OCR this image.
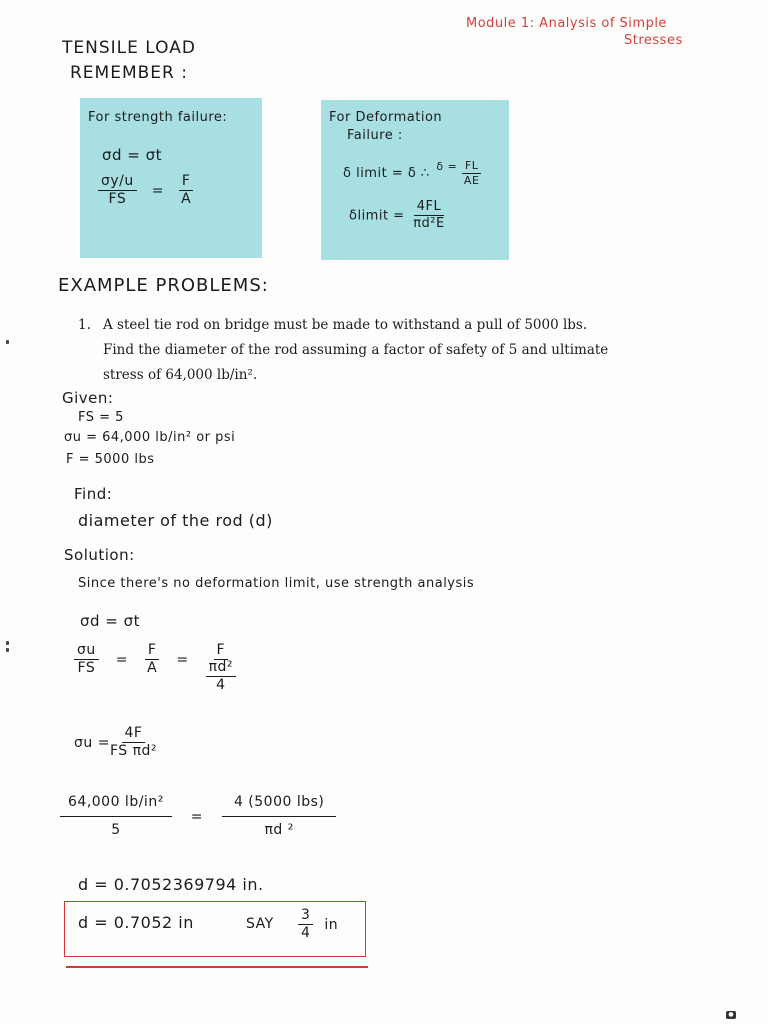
Module 1: Analysis of Simple
Stresses
TENSILE LOAD
REMEMBER :
For strength failure:
σd = σt
$\frac{\sigma y/u}{FS} = \frac{F}{A}$
For Deformation
Failure :
δ limit = δ ∴ $^{\delta =} \frac{FL}{AE}$
δlimit = $\frac{4FL}{\text{πd²E}}$
EXAMPLE PROBLEMS:
1. A steel tie rod on bridge must be made to withstand a pull of 5000 lbs.
Find the diameter of the rod assuming a factor of safety of 5 and ultimate
stress of 64,000 lb/in².
Given:
FS = 5
σu = 64,000 lb/in² or psi
F = 5000 lbs
Find:
diameter of the rod (d)
Solution:
Since there's no deformation limit, use strength analysis
σd = σt
$\frac{\sigma u}{FS} = \frac{F}{A}$ =
F
πd²
4
$\sigma u = \frac{4F}{\text{FS πd²}}$
$\frac{\text{64,000 lb/in²}}{5} = \frac{\text{4 (5000 lbs)}}{\text{πd ²}}$
d = 0.7052369794 in.
d = 0.7052 in	SAY $\frac{3}{4}$ in
●
